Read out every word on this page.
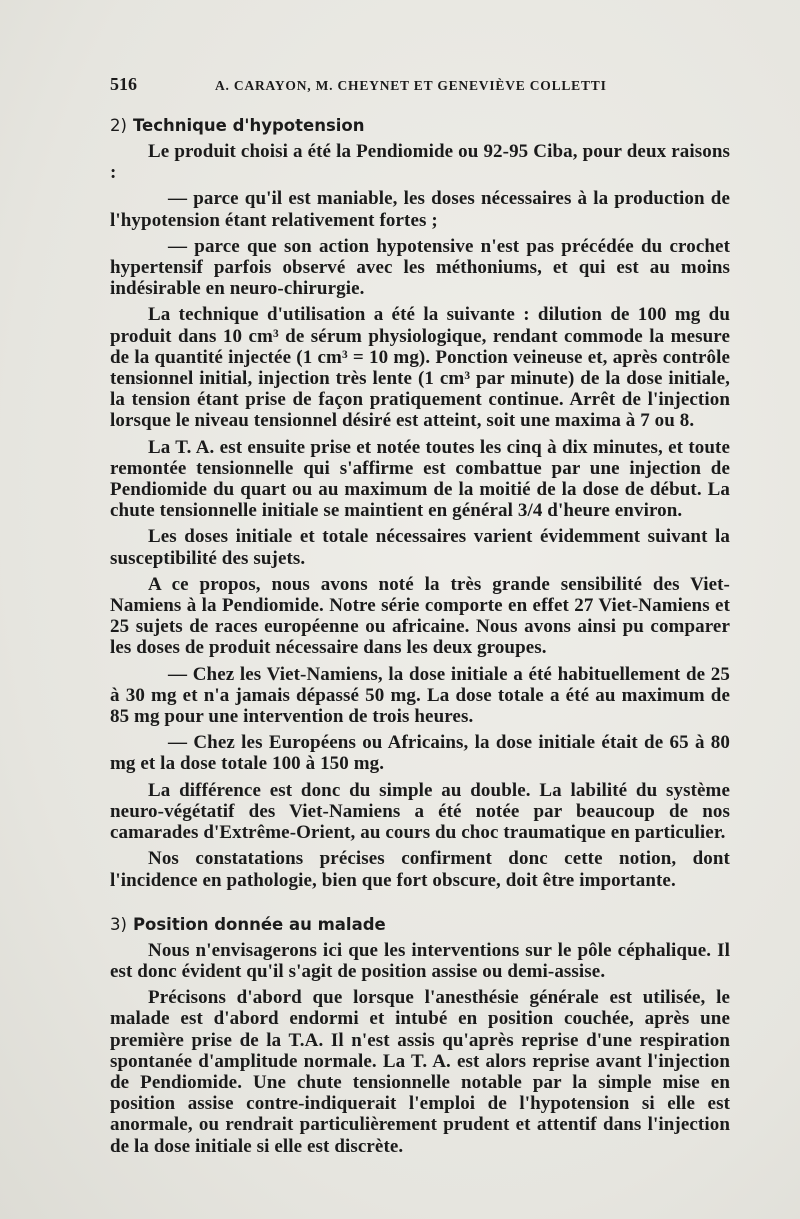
516	A. CARAYON, M. CHEYNET ET GENEVIÈVE COLLETTI
2) Technique d'hypotension

Le produit choisi a été la Pendiomide ou 92-95 Ciba, pour deux raisons :

— parce qu'il est maniable, les doses nécessaires à la production de l'hypotension étant relativement fortes ;

— parce que son action hypotensive n'est pas précédée du crochet hypertensif parfois observé avec les méthoniums, et qui est au moins indésirable en neuro-chirurgie.

La technique d'utilisation a été la suivante : dilution de 100 mg du produit dans 10 cm³ de sérum physiologique, rendant commode la mesure de la quantité injectée (1 cm³ = 10 mg). Ponction veineuse et, après contrôle tensionnel initial, injection très lente (1 cm³ par minute) de la dose initiale, la tension étant prise de façon pratiquement continue. Arrêt de l'injection lorsque le niveau tensionnel désiré est atteint, soit une maxima à 7 ou 8.

La T. A. est ensuite prise et notée toutes les cinq à dix minutes, et toute remontée tensionnelle qui s'affirme est combattue par une injection de Pendiomide du quart ou au maximum de la moitié de la dose de début. La chute tensionnelle initiale se maintient en général 3/4 d'heure environ.

Les doses initiale et totale nécessaires varient évidemment suivant la susceptibilité des sujets.

A ce propos, nous avons noté la très grande sensibilité des Viet-Namiens à la Pendiomide. Notre série comporte en effet 27 Viet-Namiens et 25 sujets de races européenne ou africaine. Nous avons ainsi pu comparer les doses de produit nécessaire dans les deux groupes.

— Chez les Viet-Namiens, la dose initiale a été habituellement de 25 à 30 mg et n'a jamais dépassé 50 mg. La dose totale a été au maximum de 85 mg pour une intervention de trois heures.

— Chez les Européens ou Africains, la dose initiale était de 65 à 80 mg et la dose totale 100 à 150 mg.

La différence est donc du simple au double. La labilité du système neuro-végétatif des Viet-Namiens a été notée par beaucoup de nos camarades d'Extrême-Orient, au cours du choc traumatique en particulier.

Nos constatations précises confirment donc cette notion, dont l'incidence en pathologie, bien que fort obscure, doit être importante.

3) Position donnée au malade

Nous n'envisagerons ici que les interventions sur le pôle céphalique. Il est donc évident qu'il s'agit de position assise ou demi-assise.

Précisons d'abord que lorsque l'anesthésie générale est utilisée, le malade est d'abord endormi et intubé en position couchée, après une première prise de la T.A. Il n'est assis qu'après reprise d'une respiration spontanée d'amplitude normale. La T. A. est alors reprise avant l'injection de Pendiomide. Une chute tensionnelle notable par la simple mise en position assise contre-indiquerait l'emploi de l'hypotension si elle est anormale, ou rendrait particulièrement prudent et attentif dans l'injection de la dose initiale si elle est discrète.
